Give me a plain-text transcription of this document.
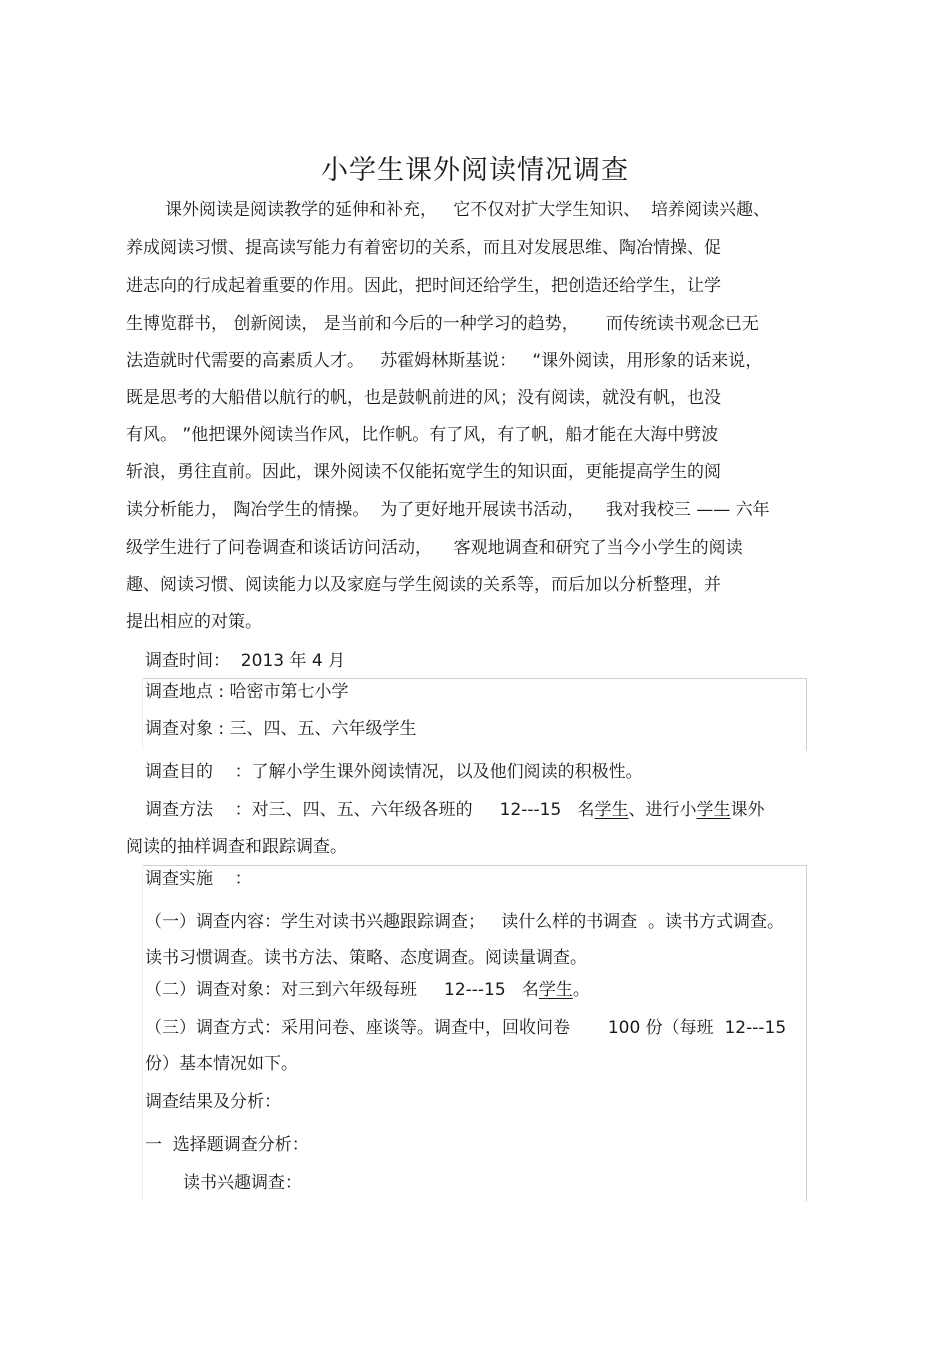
小学生课外阅读情况调查
课外阅读是阅读教学的延伸和补充，   它不仅对扩大学生知识、  培养阅读兴趣、
养成阅读习惯、提高读写能力有着密切的关系，而且对发展思维、陶冶情操、促
进志向的行成起着重要的作用。因此，把时间还给学生，把创造还给学生，让学
生博览群书， 创新阅读， 是当前和今后的一种学习的趋势，     而传统读书观念已无
法造就时代需要的高素质人才。   苏霍姆林斯基说：   “课外阅读，用形象的话来说，
既是思考的大船借以航行的帆，也是鼓帆前进的风；没有阅读，就没有帆，也没
有风。 ”他把课外阅读当作风，比作帆。有了风，有了帆，船才能在大海中劈波
斩浪，勇往直前。因此，课外阅读不仅能拓宽学生的知识面，更能提高学生的阅
读分析能力， 陶冶学生的情操。  为了更好地开展读书活动，    我对我校三 —— 六年
级学生进行了问卷调查和谈话访问活动，    客观地调查和研究了当今小学生的阅读
趣、阅读习惯、阅读能力以及家庭与学生阅读的关系等，而后加以分析整理，并
提出相应的对策。
调查时间：  2013 年 4 月
调查地点 : 哈密市第七小学
调查对象 : 三、四、五、六年级学生
调查目的    ：了解小学生课外阅读情况，以及他们阅读的积极性。
调查方法    ：对三、四、五、六年级各班的     12---15   名学生、进行小学生课外
阅读的抽样调查和跟踪调查。
调查实施    ：
（一）调查内容：学生对读书兴趣跟踪调查；   读什么样的书调查  。读书方式调查。
读书习惯调查。读书方法、策略、态度调查。阅读量调查。
（二）调查对象：对三到六年级每班     12---15   名学生。
（三）调查方式：采用问卷、座谈等。调查中，回收问卷       100 份（每班  12---15
份）基本情况如下。
调查结果及分析：
一  选择题调查分析：
读书兴趣调查：
